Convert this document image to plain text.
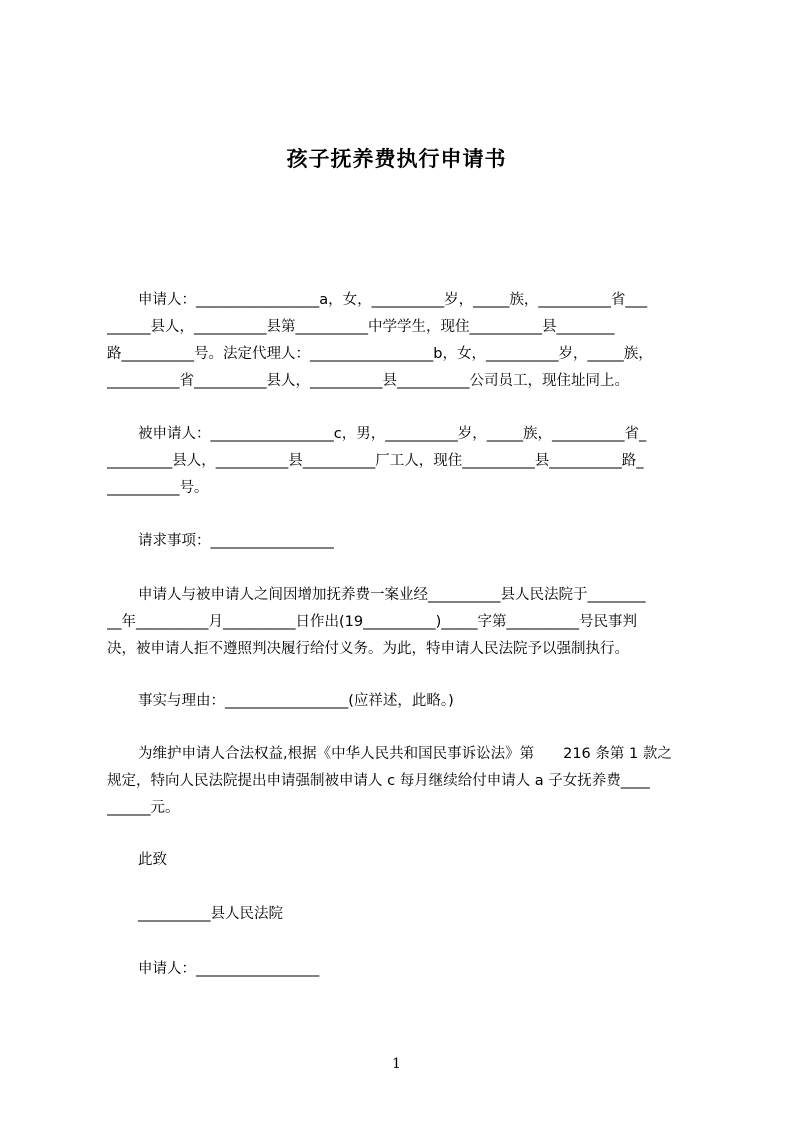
孩子抚养费执行申请书
申请人：_________________a，女，__________岁，_____族，__________省___
______县人，__________县第__________中学学生，现住__________县________
路__________号。法定代理人：_________________b，女，__________岁，_____族，
__________省__________县人，__________县__________公司员工，现住址同上。
被申请人：_________________c，男，__________岁，_____族，__________省_
_________县人，__________县__________厂工人，现住__________县__________路_
__________号。
请求事项：_________________
申请人与被申请人之间因增加抚养费一案业经__________县人民法院于________
__年__________月__________日作出(19__________)_____字第__________号民事判
决，被申请人拒不遵照判决履行给付义务。为此，特申请人民法院予以强制执行。
事实与理由：_________________(应祥述，此略。)
为维护申请人合法权益,根据《中华人民共和国民事诉讼法》第　　216 条第 1 款之
规定，特向人民法院提出申请强制被申请人 c 每月继续给付申请人 a 子女抚养费____
______元。
此致
__________县人民法院
申请人：_________________
1
